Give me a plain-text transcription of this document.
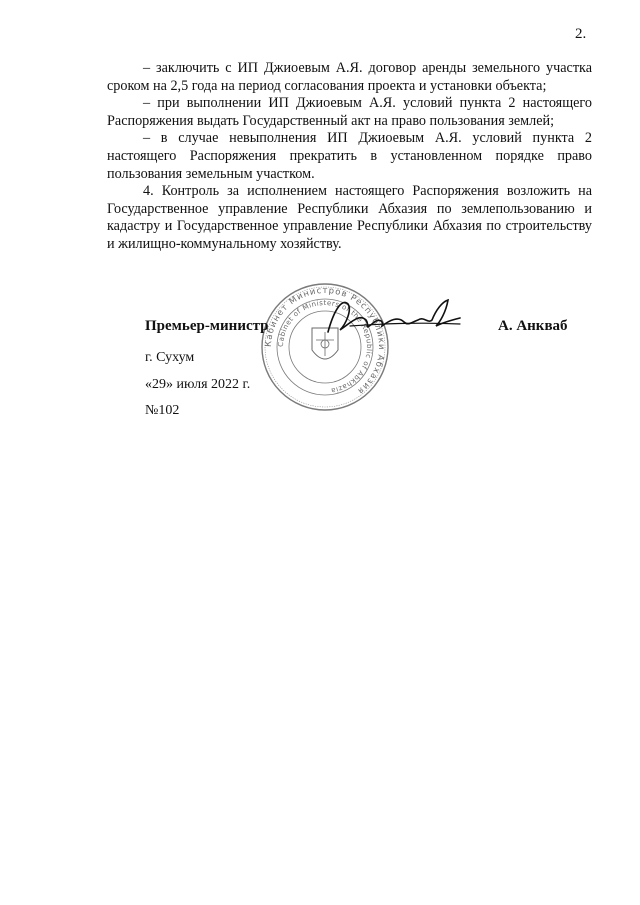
2.

– заключить с ИП Джиоевым А.Я. договор аренды земельного участка сроком на 2,5 года на период согласования проекта и установки объекта;

– при выполнении ИП Джиоевым А.Я. условий пункта 2 настоящего Распоряжения выдать Государственный акт на право пользования землей;

– в случае невыполнения ИП Джиоевым А.Я. условий пункта 2 настоящего Распоряжения прекратить в установленном порядке право пользования земельным участком.

4. Контроль за исполнением настоящего Распоряжения возложить на Государственное управление Республики Абхазия по землепользованию и кадастру и Государственное управление Республики Абхазия по строительству и жилищно-коммунальному хозяйству.

Кабинет Министров Республики Абхазия
Cabinet of Ministers of the Republic of Abkhazia
Премьер-министр	А. Анкваб
г. Сухум
«29» июля 2022 г.
№102
